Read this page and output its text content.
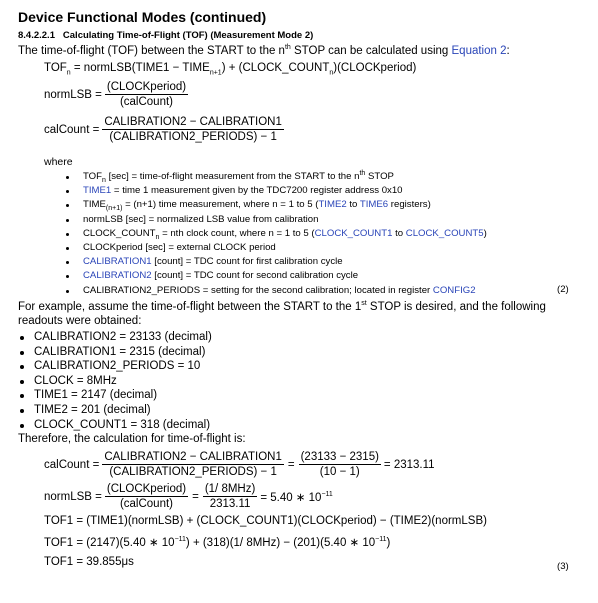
Device Functional Modes (continued)
8.4.2.2.1 Calculating Time-of-Flight (TOF) (Measurement Mode 2)
The time-of-flight (TOF) between the START to the $n^{th}$ STOP can be calculated using Equation 2:
$TOF_n$ = normLSB(TIME1 − $TIME_{n+1}$) + $(CLOCK\_COUNT_n)(CLOCKperiod)$
normLSB = $\frac{\text{(CLOCKperiod)}}{\text{(calCount)}}$
calCount = $\frac{\text{CALIBRATION2 − CALIBRATION1}}{\text{(CALIBRATION2\_PERIODS) − 1}}$
where
$TOF_n$ [sec] = time-of-flight measurement from the START to the $n^{th}$ STOP
TIME1 = time 1 measurement given by the TDC7200 register address 0x10
$TIME_{(n+1)} = (n+1)$ time measurement, where n = 1 to 5 (TIME2 to TIME6 registers)
normLSB [sec] = normalized LSB value from calibration
$CLOCK\_COUNT_n$ = nth clock count, where n = 1 to 5 (CLOCK_COUNT1 to CLOCK_COUNT5)
CLOCKperiod [sec] = external CLOCK period
CALIBRATION1 [count] = TDC count for first calibration cycle
CALIBRATION2 [count] = TDC count for second calibration cycle
CALIBRATION2_PERIODS = setting for the second calibration; located in register CONFIG2	(2)
For example, assume the time-of-flight between the START to the 1st STOP is desired, and the following
readouts were obtained:
CALIBRATION2 = 23133 (decimal)
CALIBRATION1 = 2315 (decimal)
CALIBRATION2_PERIODS = 10
CLOCK = 8MHz
TIME1 = 2147 (decimal)
TIME2 = 201 (decimal)
CLOCK_COUNT1 = 318 (decimal)
Therefore, the calculation for time-of-flight is:
calCount = $\frac{\text{CALIBRATION2 − CALIBRATION1}}{\text{(CALIBRATION2\_PERIODS) − 1}} = \frac{(23133 - 2315)}{(10 - 1)} = 2313.11$
normLSB = $\frac{\text{(CLOCKperiod)}}{\text{(calCount)}} = \frac{\text{(1/ 8MHz)}}{2313.11} = 5.40$ ∗ $10^{-11}$
TOF1 = (TIME1)(normLSB) + (CLOCK_COUNT1)(CLOCKperiod) − (TIME2)(normLSB)
TOF1 = (2147)(5.40 ∗ $10^{-11}) + (318)(1/$ 8MHz) − (201)(5.40 ∗ $10^{-11}$)
TOF1 = 39.855μs	(3)
